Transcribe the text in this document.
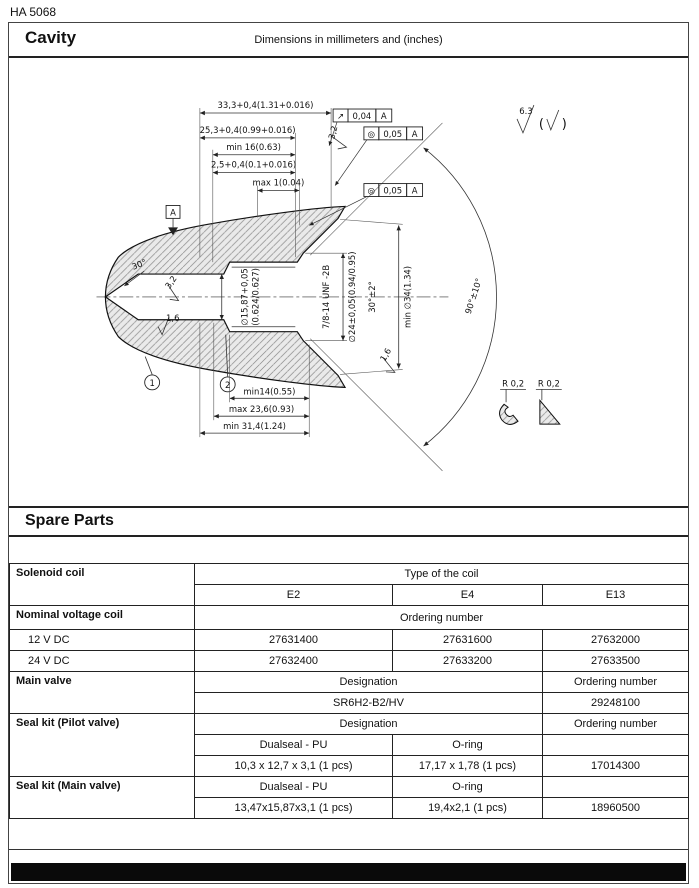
HA 5068
Cavity	Dimensions in millimeters and (inches)
90°±10°
33,3+0,4(1.31+0.016)
25,3+0,4(0.99+0.016)
min 16(0.63)
2,5+0,4(0.1+0.016)
max 1(0.04)
↗ 0,04 A
◎ 0,05 A
◎ 0,05 A
6.3
( )
A
30°
3,2
1,6
3,2
1,6
∅15,87+0,05 (0.624/0.627)	7/8-14 UNF -2B ∅24±0,05(0.94/0.95) 30°±2°	min ∅34(1.34)
1	2
min14(0.55)
max 23,6(0.93)
min 31,4(1.24)
R 0,2 R 0,2
Spare Parts
Solenoid coil	Type of the coil		
	E2	E4	E13
Nominal voltage coil	Ordering number		
12 V DC	27631400	27631600	27632000
24 V DC	27632400	27633200	27633500
Main valve	Designation		Ordering number
	SR6H2-B2/HV		29248100
Seal kit (Pilot valve)	Designation		Ordering number
	Dualseal - PU	O-ring	
	10,3 x 12,7 x 3,1 (1 pcs)	17,17 x 1,78 (1 pcs)	17014300
Seal kit (Main valve)	Dualseal - PU	O-ring	
	13,47x15,87x3,1 (1 pcs)	19,4x2,1 (1 pcs)	18960500
